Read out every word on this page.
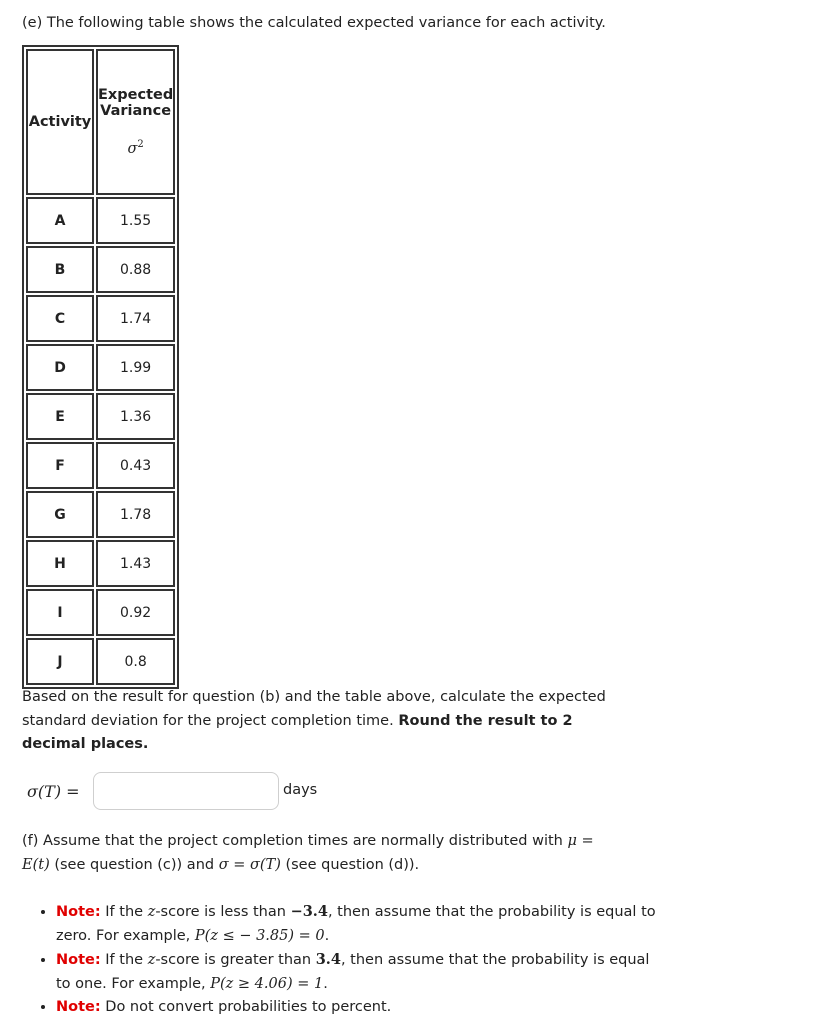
(e) The following table shows the calculated expected variance for each activity.

Activity	Expected
Variance
$\sigma^2$

A	1.55
B	0.88
C	1.74
D	1.99
E	1.36
F	0.43
G	1.78
H	1.43
I	0.92
J	0.8

Based on the result for question (b) and the table above, calculate the expected standard deviation for the project completion time. Round the result to 2 decimal places.

σ(T) =	days

(f) Assume that the project completion times are normally distributed with μ = E(t) (see question (c)) and σ = σ(T) (see question (d)).

• Note: If the z-score is less than −3.4, then assume that the probability is equal to zero. For example, P(z ≤ − 3.85) = 0.
• Note: If the z-score is greater than 3.4, then assume that the probability is equal to one. For example, P(z ≥ 4.06) = 1.
• Note: Do not convert probabilities to percent.
